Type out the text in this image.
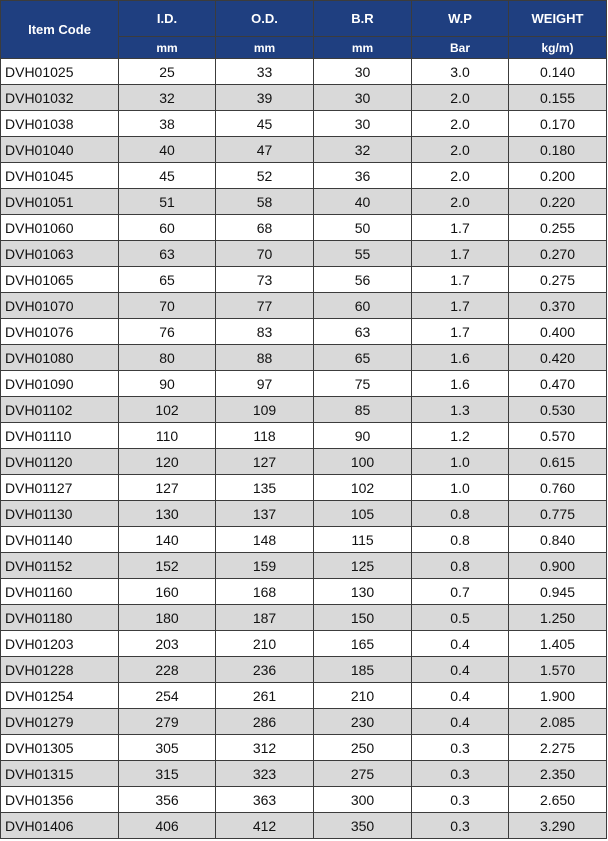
Item Code	I.D.	O.D.	B.R	W.P	WEIGHT
	mm	mm	mm	Bar	kg/m)
DVH01025	25	33	30	3.0	0.140
DVH01032	32	39	30	2.0	0.155
DVH01038	38	45	30	2.0	0.170
DVH01040	40	47	32	2.0	0.180
DVH01045	45	52	36	2.0	0.200
DVH01051	51	58	40	2.0	0.220
DVH01060	60	68	50	1.7	0.255
DVH01063	63	70	55	1.7	0.270
DVH01065	65	73	56	1.7	0.275
DVH01070	70	77	60	1.7	0.370
DVH01076	76	83	63	1.7	0.400
DVH01080	80	88	65	1.6	0.420
DVH01090	90	97	75	1.6	0.470
DVH01102	102	109	85	1.3	0.530
DVH01110	110	118	90	1.2	0.570
DVH01120	120	127	100	1.0	0.615
DVH01127	127	135	102	1.0	0.760
DVH01130	130	137	105	0.8	0.775
DVH01140	140	148	115	0.8	0.840
DVH01152	152	159	125	0.8	0.900
DVH01160	160	168	130	0.7	0.945
DVH01180	180	187	150	0.5	1.250
DVH01203	203	210	165	0.4	1.405
DVH01228	228	236	185	0.4	1.570
DVH01254	254	261	210	0.4	1.900
DVH01279	279	286	230	0.4	2.085
DVH01305	305	312	250	0.3	2.275
DVH01315	315	323	275	0.3	2.350
DVH01356	356	363	300	0.3	2.650
DVH01406	406	412	350	0.3	3.290
